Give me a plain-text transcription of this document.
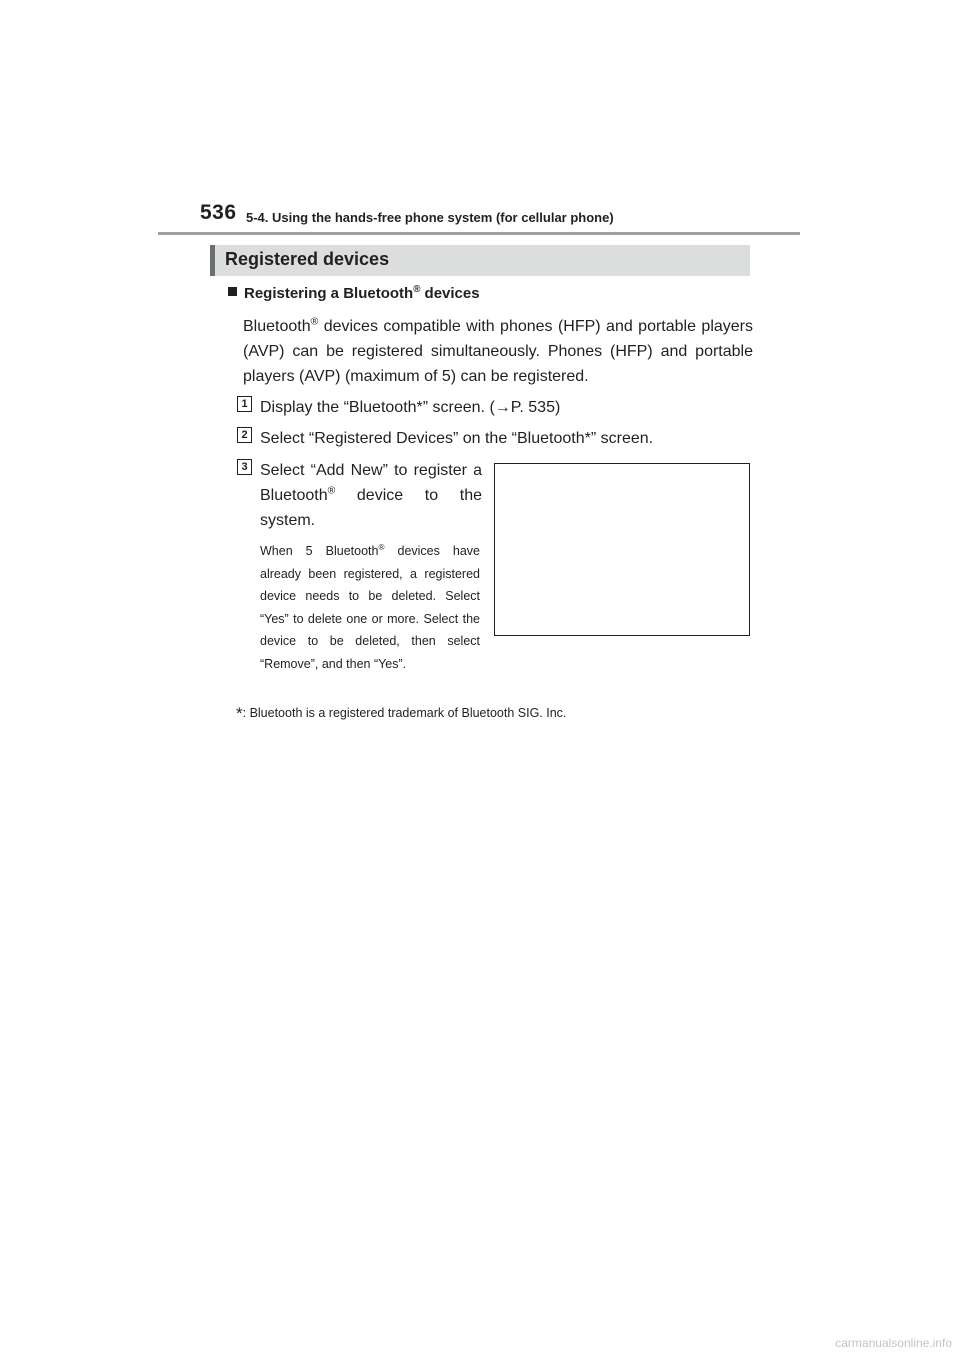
536 5-4. Using the hands-free phone system (for cellular phone)
Registered devices
Registering a Bluetooth® devices
Bluetooth® devices compatible with phones (HFP) and portable players (AVP) can be registered simultaneously. Phones (HFP) and portable players (AVP) (maximum of 5) can be registered.
1 Display the “Bluetooth*” screen. (→P. 535)
2 Select “Registered Devices” on the “Bluetooth*” screen.
3 Select “Add New” to register a Bluetooth® device to the system.
When 5 Bluetooth® devices have already been registered, a registered device needs to be deleted. Select “Yes” to delete one or more. Select the device to be deleted, then select “Remove”, and then “Yes”.
*: Bluetooth is a registered trademark of Bluetooth SIG. Inc.
carmanualsonline.info
